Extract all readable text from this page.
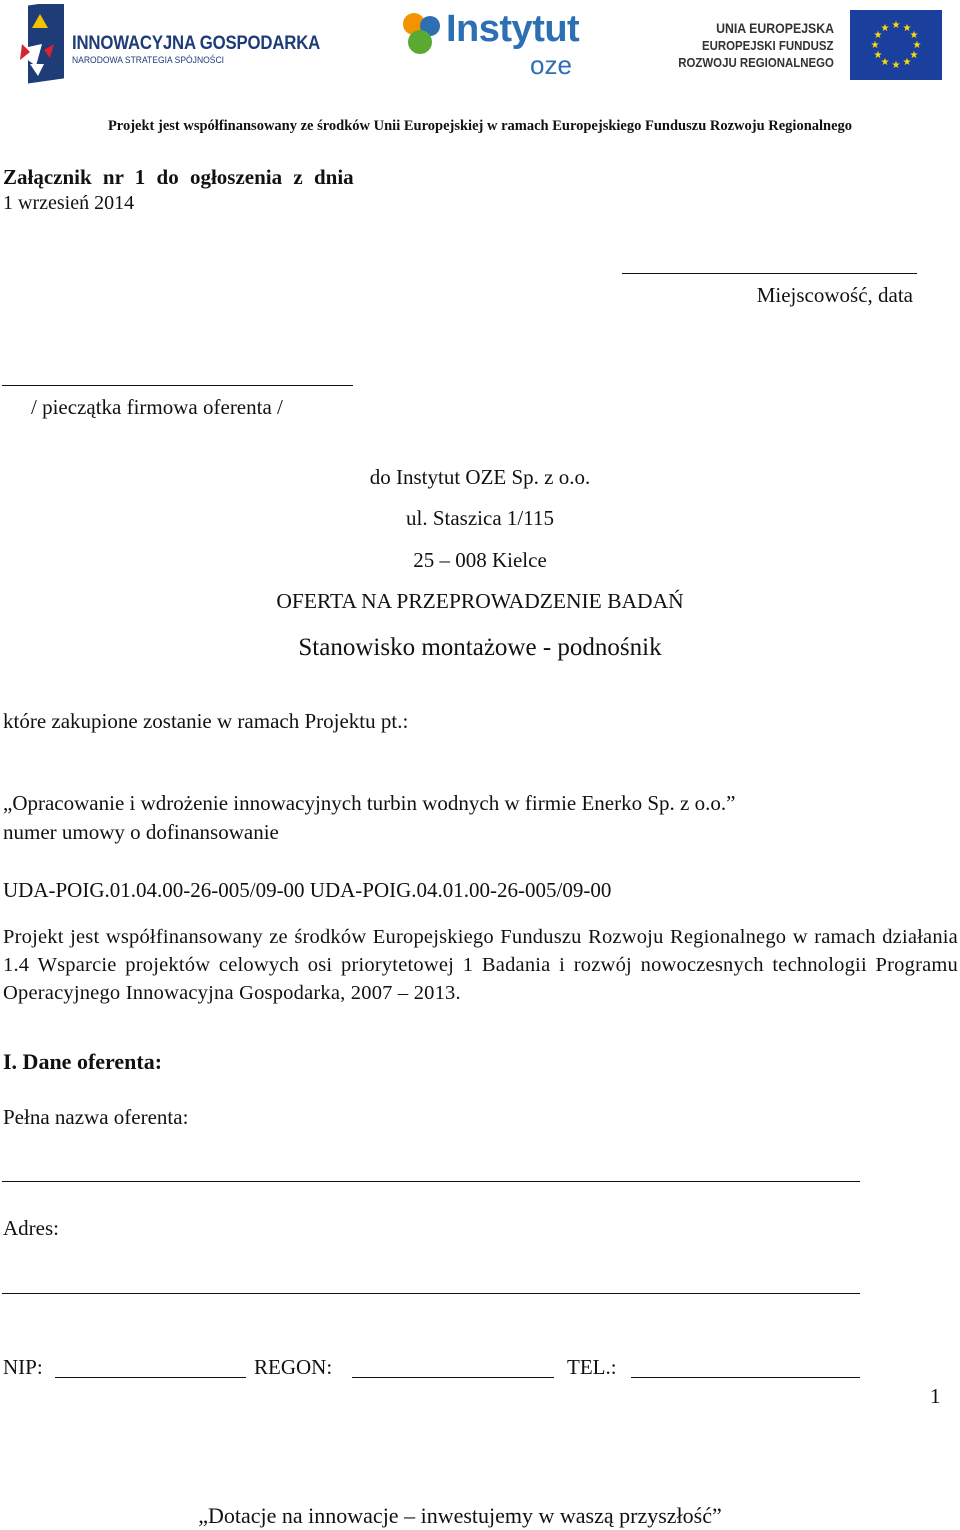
INNOWACYJNA GOSPODARKA
NARODOWA STRATEGIA SPÓJNOŚCI
Instytut
oze
UNIA EUROPEJSKA
EUROPEJSKI FUNDUSZ
ROZWOJU REGIONALNEGO
★ ★
★
★
★
★
★
★
★
★
★
★
Projekt jest współfinansowany ze środków Unii Europejskiej w ramach Europejskiego Funduszu Rozwoju Regionalnego
Załącznik nr 1 do ogłoszenia z dnia
1 wrzesień 2014
Miejscowość, data
/ pieczątka firmowa oferenta /
do Instytut OZE Sp. z o.o.
ul. Staszica 1/115
25 – 008 Kielce
OFERTA NA PRZEPROWADZENIE BADAŃ
Stanowisko montażowe - podnośnik
które zakupione zostanie w ramach Projektu pt.:
„Opracowanie i wdrożenie innowacyjnych turbin wodnych w firmie Enerko Sp. z o.o.”
numer umowy o dofinansowanie
UDA-POIG.01.04.00-26-005/09-00 UDA-POIG.04.01.00-26-005/09-00
Projekt jest współfinansowany ze środków Europejskiego Funduszu Rozwoju Regionalnego w ramach działania 1.4 Wsparcie projektów celowych osi priorytetowej 1 Badania i rozwój nowoczesnych technologii Programu Operacyjnego Innowacyjna Gospodarka, 2007 – 2013.
I. Dane oferenta:
Pełna nazwa oferenta:
Adres:
NIP:	REGON:	TEL.:
1
„Dotacje na innowacje – inwestujemy w waszą przyszłość”
